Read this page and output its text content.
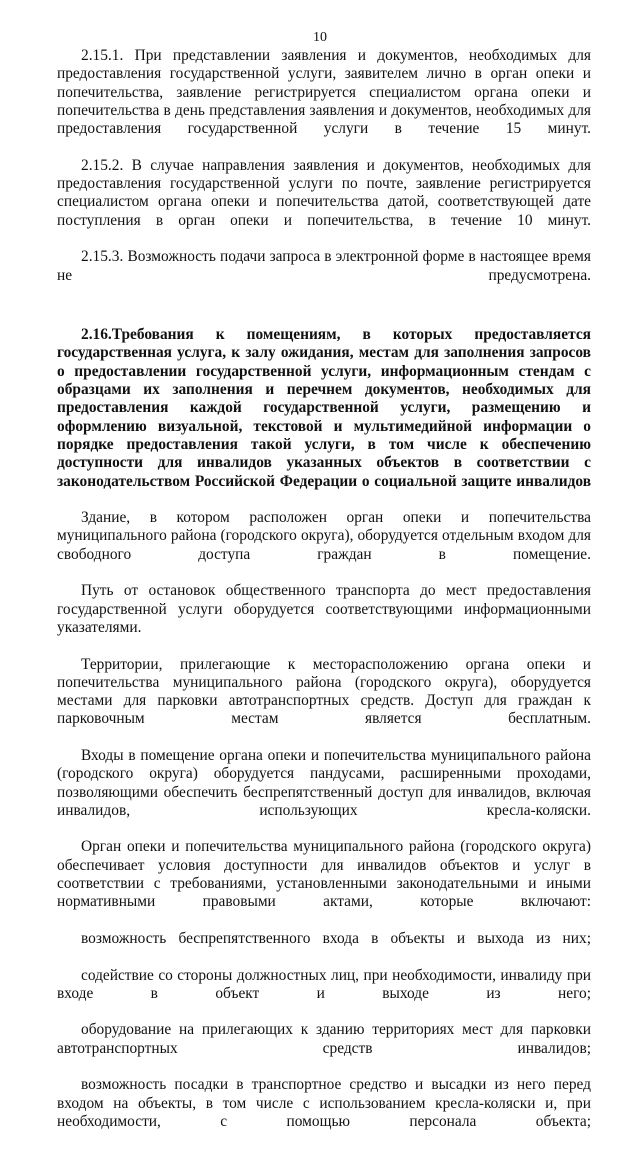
10

2.15.1. При представлении заявления и документов, необходимых для предоставления государственной услуги, заявителем лично в орган опеки и попечительства, заявление регистрируется специалистом органа опеки и попечительства в день представления заявления и документов, необходимых для предоставления государственной услуги в течение 15 минут.

2.15.2. В случае направления заявления и документов, необходимых для предоставления государственной услуги по почте, заявление регистрируется специалистом органа опеки и попечительства датой, соответствующей дате поступления в орган опеки и попечительства, в течение 10 минут.

2.15.3. Возможность подачи запроса в электронной форме в настоящее время не предусмотрена.

2.16.Требования к помещениям, в которых предоставляется государственная услуга, к залу ожидания, местам для заполнения запросов о предоставлении государственной услуги, информационным стендам с образцами их заполнения и перечнем документов, необходимых для предоставления каждой государственной услуги, размещению и оформлению визуальной, текстовой и мультимедийной информации о порядке предоставления такой услуги, в том числе к обеспечению доступности для инвалидов указанных объектов в соответствии с законодательством Российской Федерации о социальной защите инвалидов

Здание, в котором расположен орган опеки и попечительства муниципального района (городского округа), оборудуется отдельным входом для свободного доступа граждан в помещение.

Путь от остановок общественного транспорта до мест предоставления государственной услуги оборудуется соответствующими информационными указателями.

Территории, прилегающие к месторасположению органа опеки и попечительства муниципального района (городского округа), оборудуется местами для парковки автотранспортных средств. Доступ для граждан к парковочным местам является бесплатным.

Входы в помещение органа опеки и попечительства муниципального района (городского округа) оборудуется пандусами, расширенными проходами, позволяющими обеспечить беспрепятственный доступ для инвалидов, включая инвалидов, использующих кресла-коляски.

Орган опеки и попечительства муниципального района (городского округа) обеспечивает условия доступности для инвалидов объектов и услуг в соответствии с требованиями, установленными законодательными и иными нормативными правовыми актами, которые включают:

возможность беспрепятственного входа в объекты и выхода из них;

содействие со стороны должностных лиц, при необходимости, инвалиду при входе в объект и выходе из него;

оборудование на прилегающих к зданию территориях мест для парковки автотранспортных средств инвалидов;

возможность посадки в транспортное средство и высадки из него перед входом на объекты, в том числе с использованием кресла-коляски и, при необходимости, с помощью персонала объекта;
